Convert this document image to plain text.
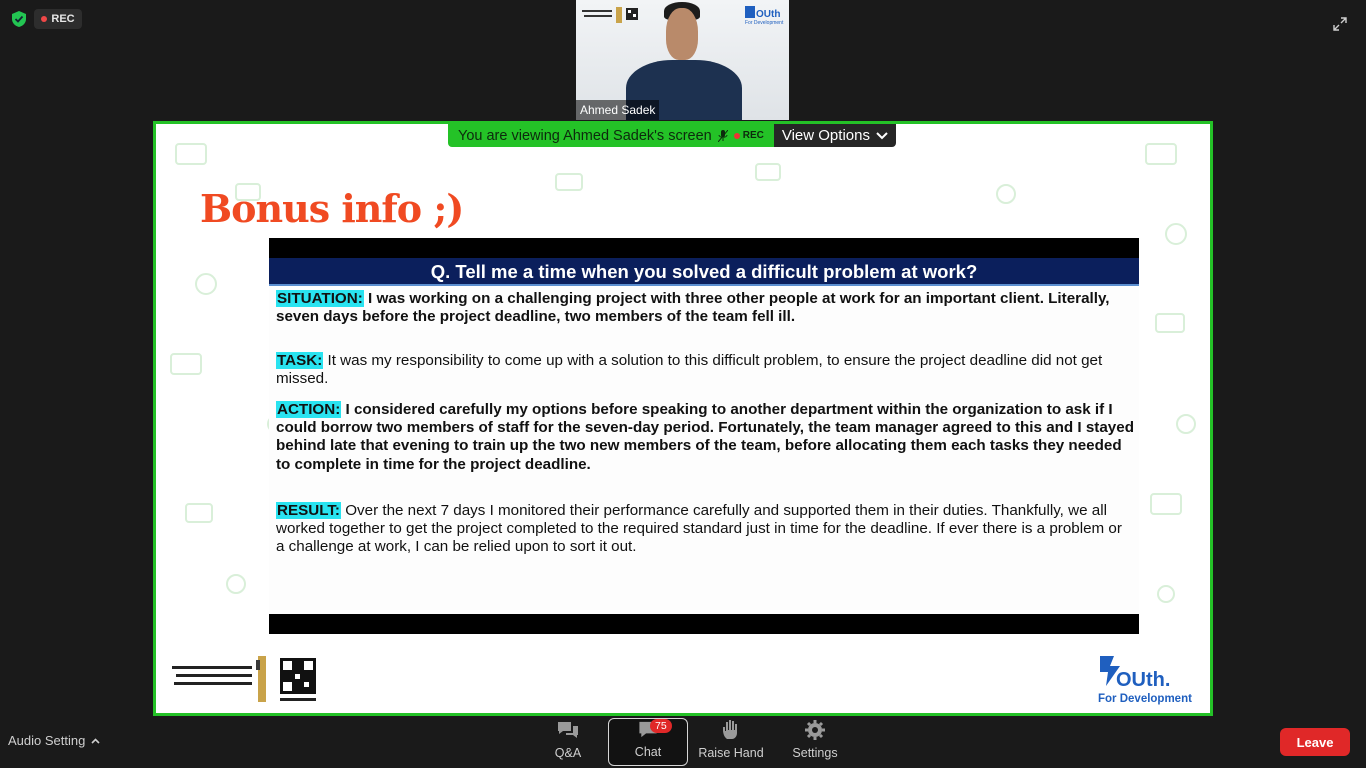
REC	OUth
For Development
Ahmed Sadek
You are viewing Ahmed Sadek's screen	REC View Options
Bonus info ;)
Q. Tell me a time when you solved a difficult problem at work?
SITUATION: I was working on a challenging project with three other people at work for an important client. Literally, seven days before the project deadline, two members of the team fell ill.
TASK: It was my responsibility to come up with a solution to this difficult problem, to ensure the project deadline did not get missed.
ACTION: I considered carefully my options before speaking to another department within the organization to ask if I could borrow two members of staff for the seven-day period. Fortunately, the team manager agreed to this and I stayed behind late that evening to train up the two new members of the team, before allocating them each tasks they needed to complete in time for the project deadline.
RESULT: Over the next 7 days I monitored their performance carefully and supported them in their duties. Thankfully, we all worked together to get the project completed to the required standard just in time for the deadline. If ever there is a problem or a challenge at work, I can be relied upon to sort it out.
OUth.
For Development
Audio Setting
Q&A
75
Chat	Raise Hand Settings
Leave
